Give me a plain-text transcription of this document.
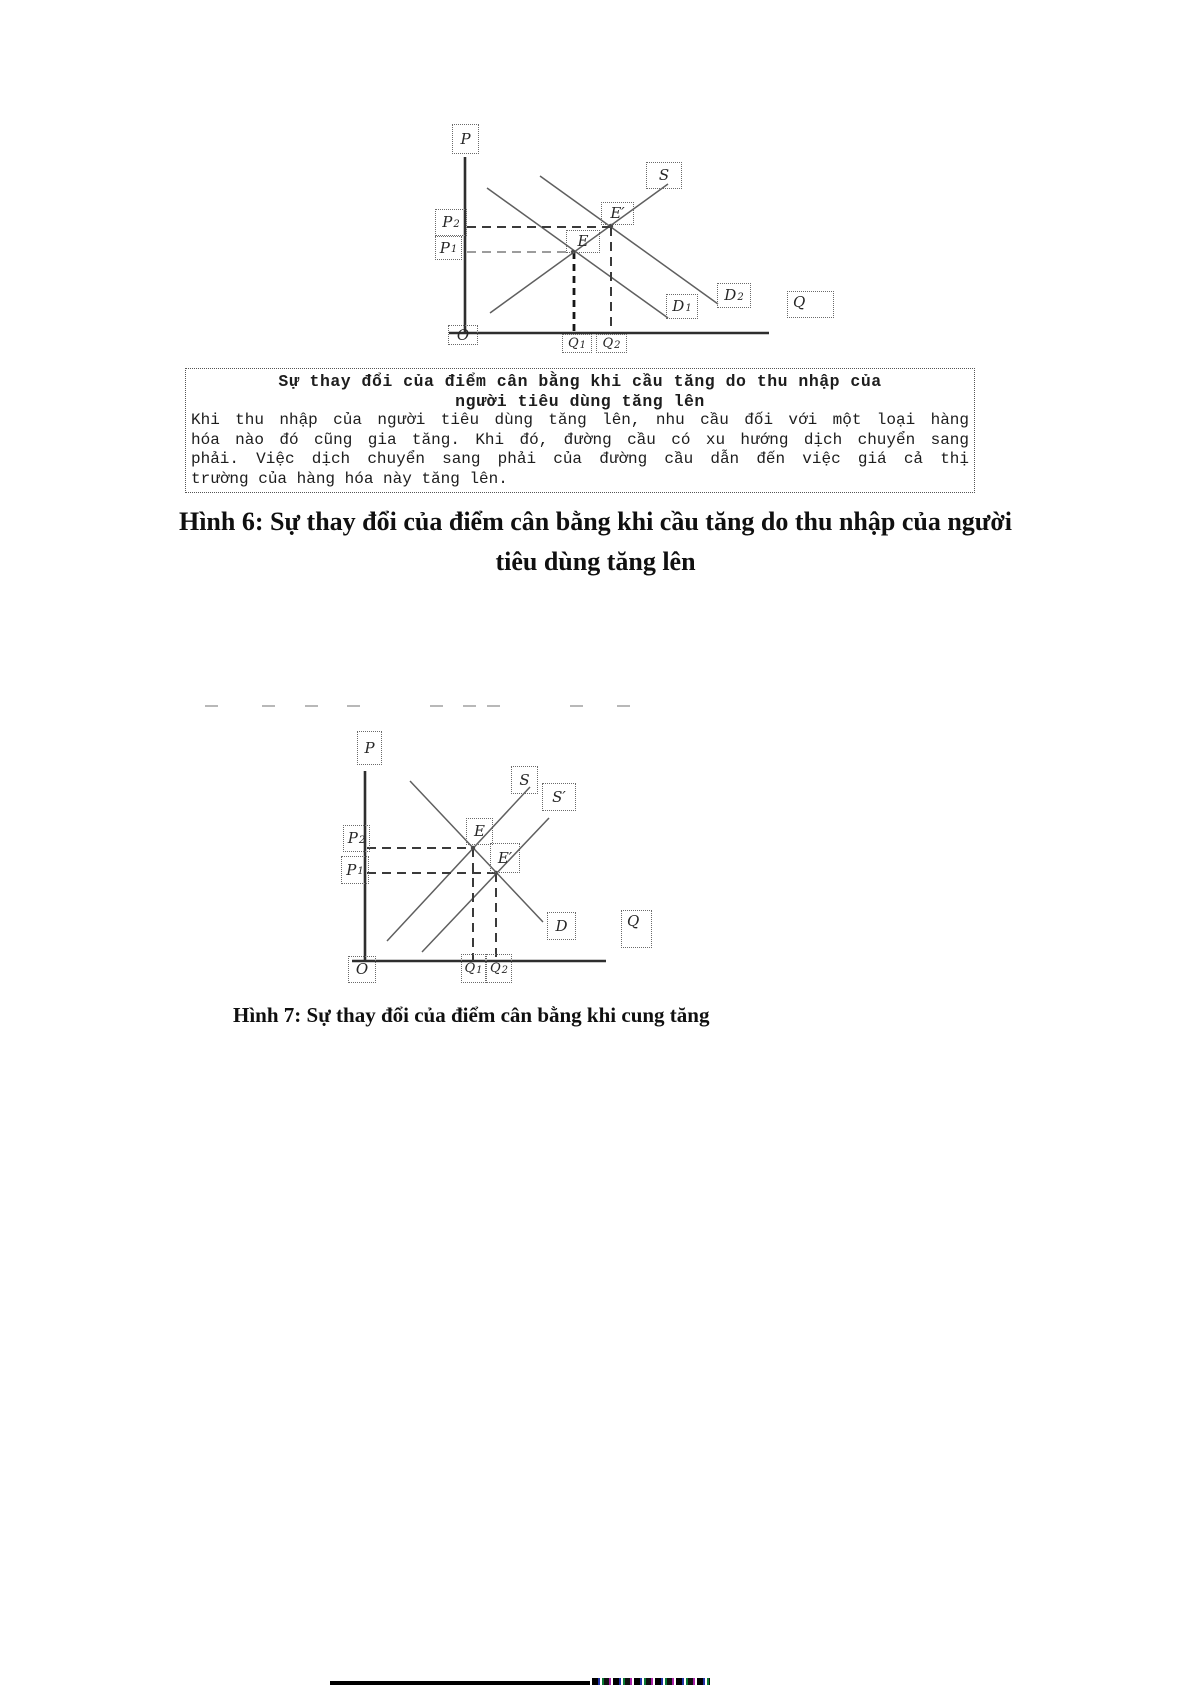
P
S
E′
P 2
E
P 1
D 2
D 1	Q
O	Q 1 Q 2
Sự thay đổi của điểm cân bằng khi cầu tăng do thu nhập của
người tiêu dùng tăng lên
Khi thu nhập của người tiêu dùng tăng lên, nhu cầu đối với một loại hàng
hóa nào đó cũng gia tăng. Khi đó, đường cầu có xu hướng dịch chuyển sang
phải. Việc dịch chuyển sang phải của đường cầu dẫn đến việc giá cả thị
trường của hàng hóa này tăng lên.
Hình 6: Sự thay đổi của điểm cân bằng khi cầu tăng do thu nhập của người
tiêu dùng tăng lên
P
S
S′
E
P 2
E′
P 1
D	Q
O	Q 1 Q 2
Hình 7: Sự thay đổi của điểm cân bằng khi cung tăng
